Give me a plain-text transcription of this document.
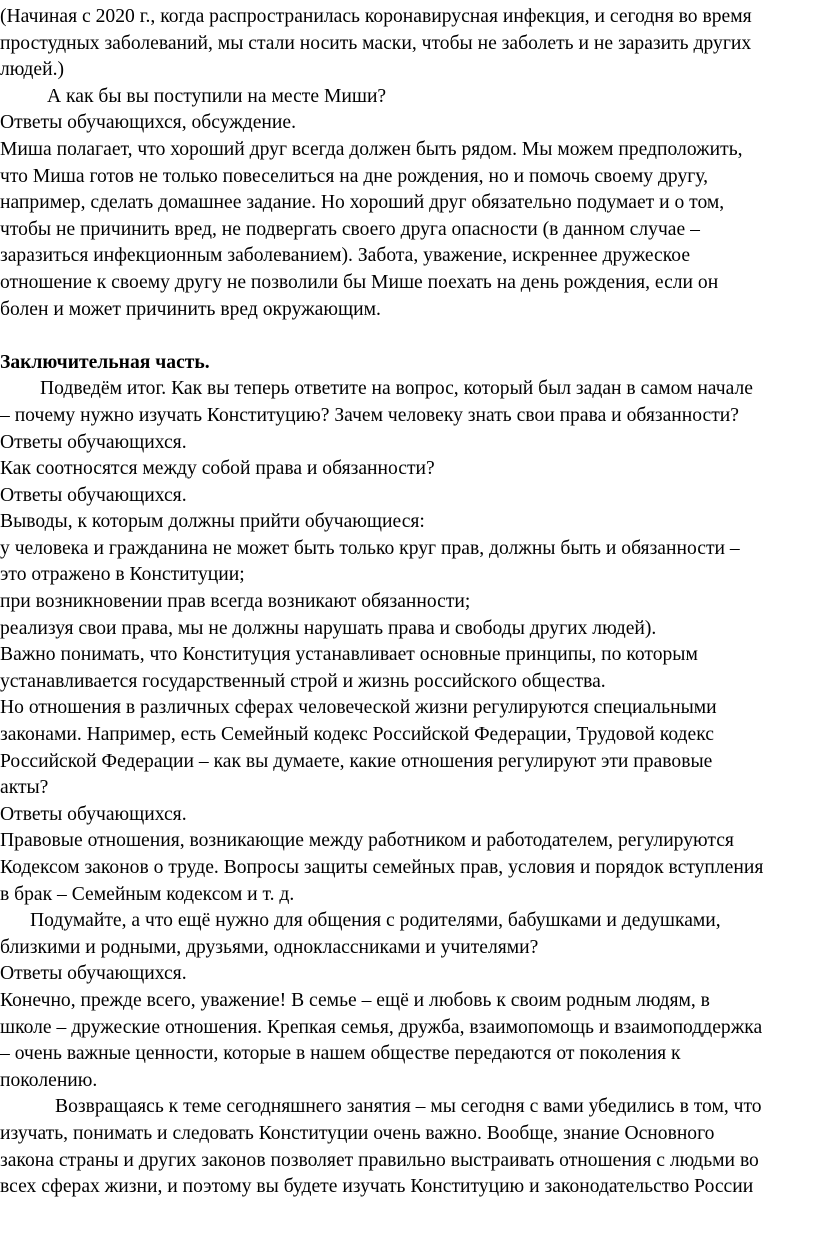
(Начиная с 2020 г., когда распространилась коронавирусная инфекция, и сегодня во время
простудных заболеваний, мы стали носить маски, чтобы не заболеть и не заразить других
людей.)
А как бы вы поступили на месте Миши?
Ответы обучающихся, обсуждение.
Миша полагает, что хороший друг всегда должен быть рядом. Мы можем предположить,
что Миша готов не только повеселиться на дне рождения, но и помочь своему другу,
например, сделать домашнее задание. Но хороший друг обязательно подумает и о том,
чтобы не причинить вред, не подвергать своего друга опасности (в данном случае –
заразиться инфекционным заболеванием). Забота, уважение, искреннее дружеское
отношение к своему другу не позволили бы Мише поехать на день рождения, если он
болен и может причинить вред окружающим.
Заключительная часть.
Подведём итог. Как вы теперь ответите на вопрос, который был задан в самом начале
– почему нужно изучать Конституцию? Зачем человеку знать свои права и обязанности?
Ответы обучающихся.
Как соотносятся между собой права и обязанности?
Ответы обучающихся.
Выводы, к которым должны прийти обучающиеся:
у человека и гражданина не может быть только круг прав, должны быть и обязанности –
это отражено в Конституции;
при возникновении прав всегда возникают обязанности;
реализуя свои права, мы не должны нарушать права и свободы других людей).
Важно понимать, что Конституция устанавливает основные принципы, по которым
устанавливается государственный строй и жизнь российского общества.
Но отношения в различных сферах человеческой жизни регулируются специальными
законами. Например, есть Семейный кодекс Российской Федерации, Трудовой кодекс
Российской Федерации – как вы думаете, какие отношения регулируют эти правовые
акты?
Ответы обучающихся.
Правовые отношения, возникающие между работником и работодателем, регулируются
Кодексом законов о труде. Вопросы защиты семейных прав, условия и порядок вступления
в брак – Семейным кодексом и т. д.
Подумайте, а что ещё нужно для общения с родителями, бабушками и дедушками,
близкими и родными, друзьями, одноклассниками и учителями?
Ответы обучающихся.
Конечно, прежде всего, уважение! В семье – ещё и любовь к своим родным людям, в
школе – дружеские отношения. Крепкая семья, дружба, взаимопомощь и взаимоподдержка
– очень важные ценности, которые в нашем обществе передаются от поколения к
поколению.
Возвращаясь к теме сегодняшнего занятия – мы сегодня с вами убедились в том, что
изучать, понимать и следовать Конституции очень важно. Вообще, знание Основного
закона страны и других законов позволяет правильно выстраивать отношения с людьми во
всех сферах жизни, и поэтому вы будете изучать Конституцию и законодательство России
